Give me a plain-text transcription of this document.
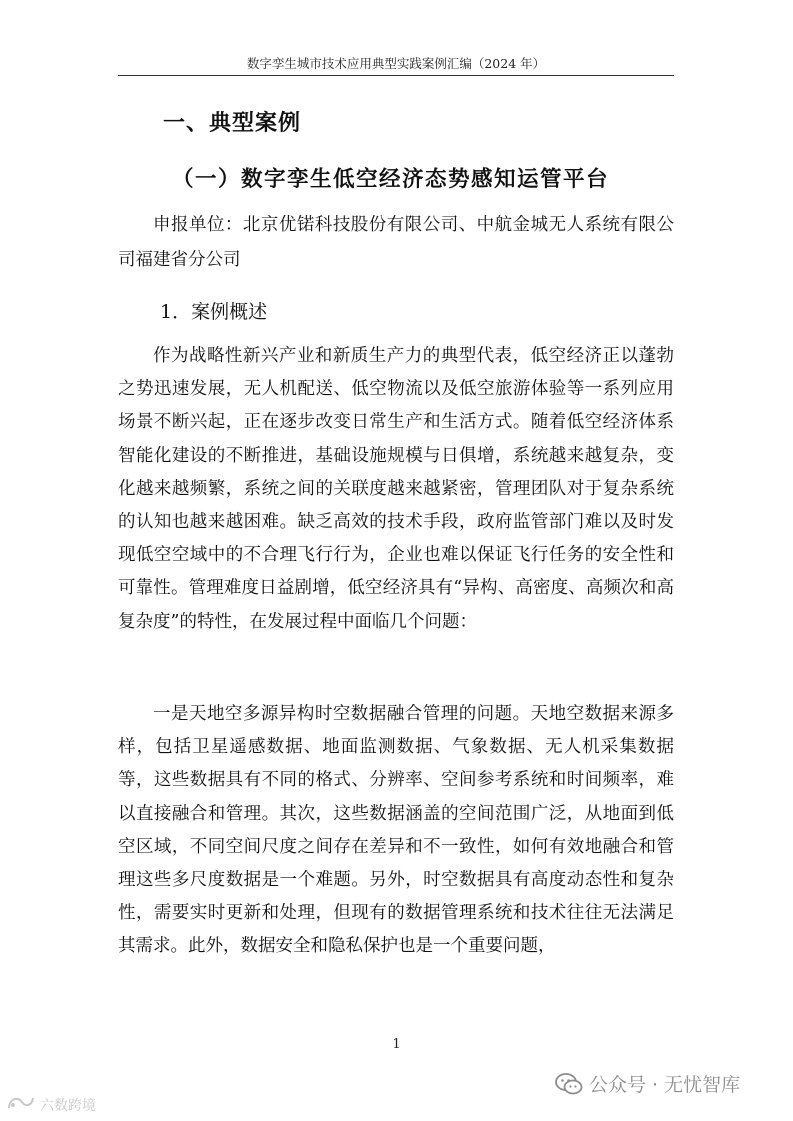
数字孪生城市技术应用典型实践案例汇编（2024 年）
一、典型案例
（一）数字孪生低空经济态势感知运管平台

申报单位：北京优锘科技股份有限公司、中航金城无人系统有限公司福建省分公司

1．案例概述

作为战略性新兴产业和新质生产力的典型代表，低空经济正以蓬勃之势迅速发展，无人机配送、低空物流以及低空旅游体验等一系列应用场景不断兴起，正在逐步改变日常生产和生活方式。随着低空经济体系智能化建设的不断推进，基础设施规模与日俱增，系统越来越复杂，变化越来越频繁，系统之间的关联度越来越紧密，管理团队对于复杂系统的认知也越来越困难。缺乏高效的技术手段，政府监管部门难以及时发现低空空域中的不合理飞行行为，企业也难以保证飞行任务的安全性和可靠性。管理难度日益剧增，低空经济具有“异构、高密度、高频次和高复杂度”的特性，在发展过程中面临几个问题：

一是天地空多源异构时空数据融合管理的问题。天地空数据来源多样，包括卫星遥感数据、地面监测数据、气象数据、无人机采集数据等，这些数据具有不同的格式、分辨率、空间参考系统和时间频率，难以直接融合和管理。其次，这些数据涵盖的空间范围广泛，从地面到低空区域，不同空间尺度之间存在差异和不一致性，如何有效地融合和管理这些多尺度数据是一个难题。另外，时空数据具有高度动态性和复杂性，需要实时更新和处理，但现有的数据管理系统和技术往往无法满足其需求。此外，数据安全和隐私保护也是一个重要问题，

1
公众号 · 无忧智库
六数跨境
